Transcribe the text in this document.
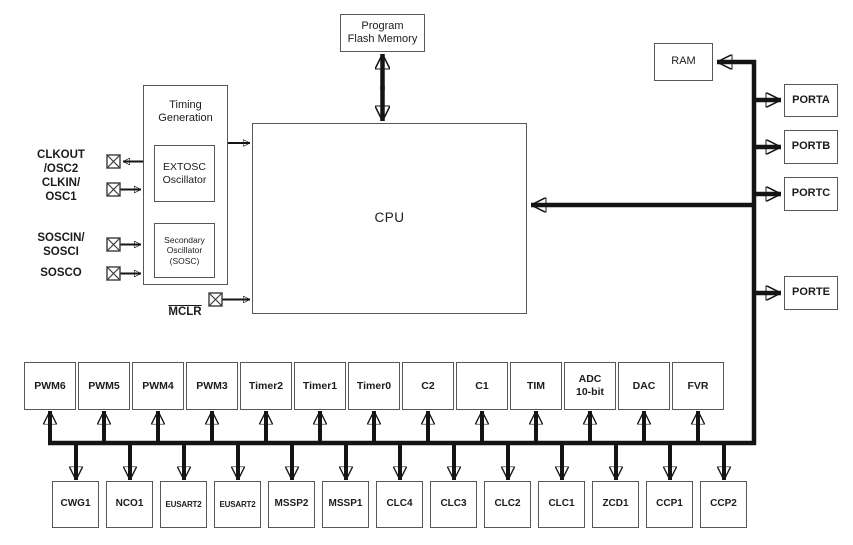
Program
Flash Memory
Timing
Generation
EXTOSC
Oscillator
Secondary
Oscillator
(SOSC)
CPU
RAM
PORTA
PORTB
PORTC
PORTE
CLKOUT
/OSC2
CLKIN/
OSC1
SOSCIN/
SOSCI
SOSCO

MCLR

PWM6	PWM5	PWM4	PWM3	Timer2	Timer1	Timer0	C2	C1	TIM
ADC
10-bit
DAC	FVR
CWG1	NCO1	EUSART2	EUSART2	MSSP2	MSSP1	CLC4	CLC3	CLC2	CLC1	ZCD1	CCP1	CCP2
